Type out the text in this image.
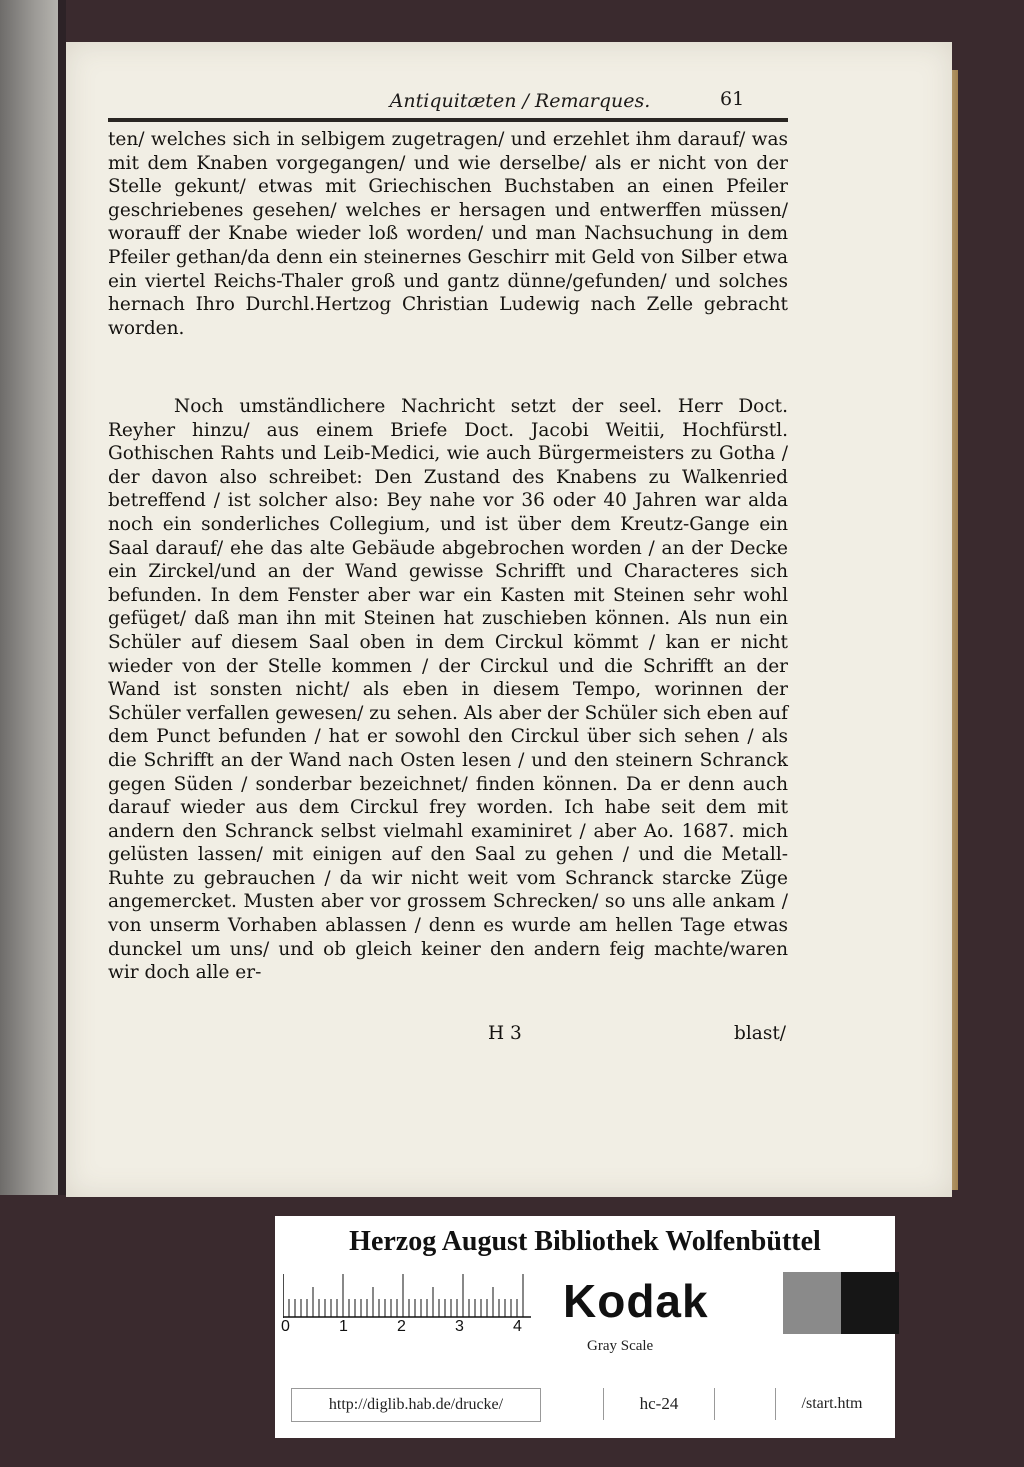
Antiquitæten / Remarques.	61

ten/ welches sich in selbigem zugetragen/ und erzehlet ihm darauf/ was mit dem Knaben vorgegangen/ und wie derselbe/ als er nicht von der Stelle gekunt/ etwas mit Griechischen Buchstaben an einen Pfeiler geschriebenes gesehen/ welches er hersagen und entwerffen müssen/ worauff der Knabe wieder loß worden/ und man Nachsuchung in dem Pfeiler gethan/da denn ein steinernes Geschirr mit Geld von Silber etwa ein viertel Reichs-Thaler groß und gantz dünne/gefunden/ und solches hernach Ihro Durchl.Hertzog Christian Ludewig nach Zelle gebracht worden.

Noch umständlichere Nachricht setzt der seel. Herr Doct. Reyher hinzu/ aus einem Briefe Doct. Jacobi Weitii, Hochfürstl. Gothischen Rahts und Leib-Medici, wie auch Bürgermeisters zu Gotha / der davon also schreibet: Den Zustand des Knabens zu Walkenried betreffend / ist solcher also: Bey nahe vor 36 oder 40 Jahren war alda noch ein sonderliches Collegium, und ist über dem Kreutz-Gange ein Saal darauf/ ehe das alte Gebäude abgebrochen worden / an der Decke ein Zirckel/und an der Wand gewisse Schrifft und Characteres sich befunden. In dem Fenster aber war ein Kasten mit Steinen sehr wohl gefüget/ daß man ihn mit Steinen hat zuschieben können. Als nun ein Schüler auf diesem Saal oben in dem Circkul kömmt / kan er nicht wieder von der Stelle kommen / der Circkul und die Schrifft an der Wand ist sonsten nicht/ als eben in diesem Tempo, worinnen der Schüler verfallen gewesen/ zu sehen. Als aber der Schüler sich eben auf dem Punct befunden / hat er sowohl den Circkul über sich sehen / als die Schrifft an der Wand nach Osten lesen / und den steinern Schranck gegen Süden / sonderbar bezeichnet/ finden können. Da er denn auch darauf wieder aus dem Circkul frey worden. Ich habe seit dem mit andern den Schranck selbst vielmahl examiniret / aber Ao. 1687. mich gelüsten lassen/ mit einigen auf den Saal zu gehen / und die Metall-Ruhte zu gebrauchen / da wir nicht weit vom Schranck starcke Züge angemercket. Musten aber vor grossem Schrecken/ so uns alle ankam / von unserm Vorhaben ablassen / denn es wurde am hellen Tage etwas dunckel um uns/ und ob gleich keiner den andern feig machte/waren wir doch alle er-

H 3	blast/
Herzog August Bibliothek Wolfenbüttel
0	1	2	3	4 Kodak
Gray Scale
http://diglib.hab.de/drucke/	hc-24	/start.htm
